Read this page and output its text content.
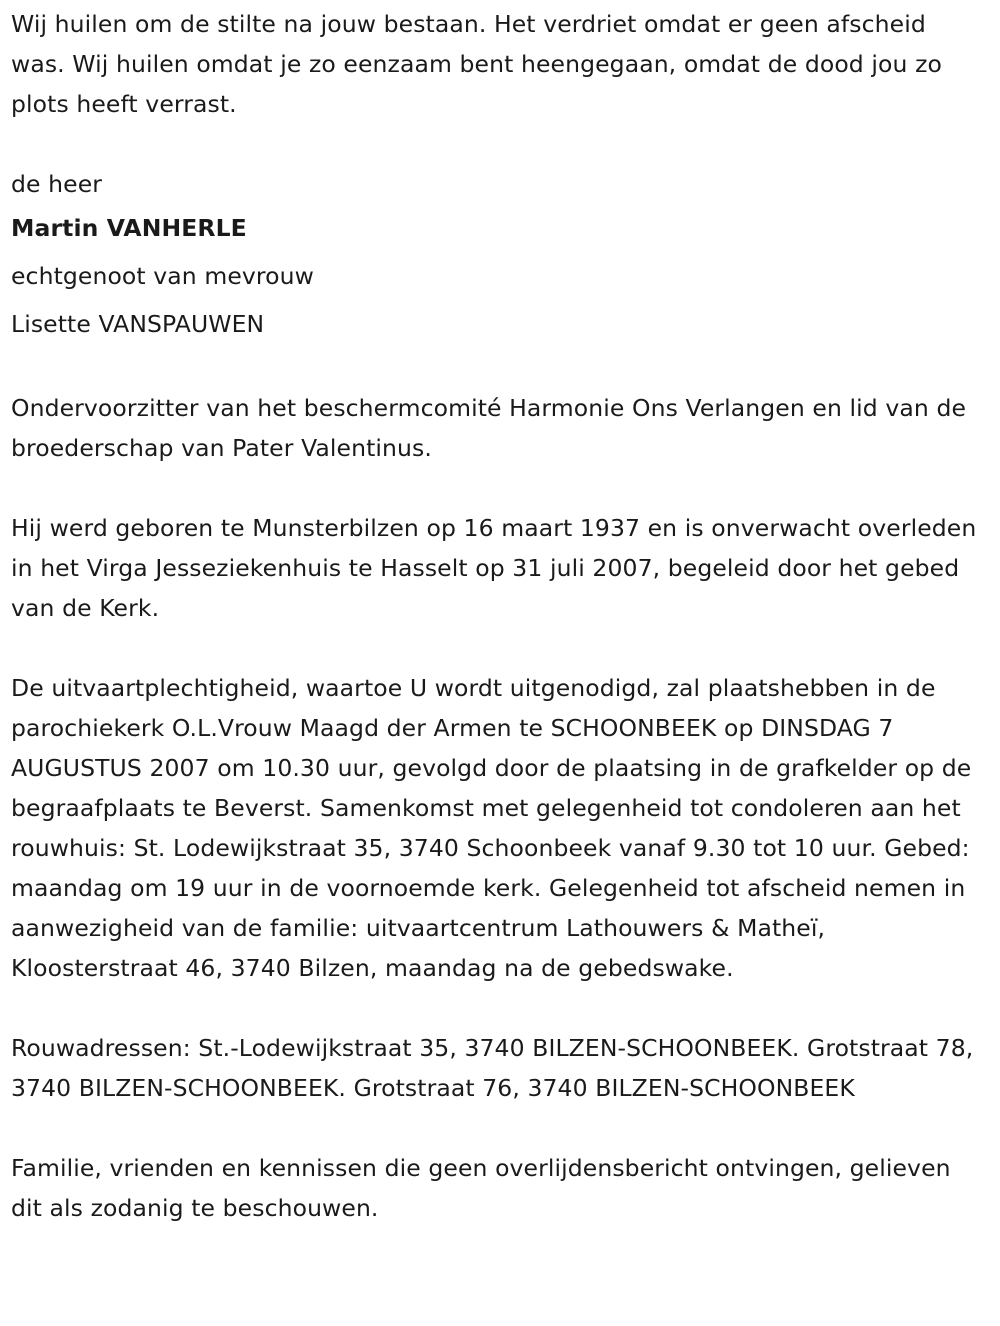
Wij huilen om de stilte na jouw bestaan. Het verdriet omdat er geen afscheid was. Wij huilen omdat je zo eenzaam bent heengegaan, omdat de dood jou zo plots heeft verrast.

de heer

Martin VANHERLE

echtgenoot van mevrouw

Lisette VANSPAUWEN

Ondervoorzitter van het beschermcomité Harmonie Ons Verlangen en lid van de broederschap van Pater Valentinus.

Hij werd geboren te Munsterbilzen op 16 maart 1937 en is onverwacht overleden in het Virga Jesseziekenhuis te Hasselt op 31 juli 2007, begeleid door het gebed van de Kerk.

De uitvaartplechtigheid, waartoe U wordt uitgenodigd, zal plaatshebben in de parochiekerk O.L.Vrouw Maagd der Armen te SCHOONBEEK op DINSDAG 7 AUGUSTUS 2007 om 10.30 uur, gevolgd door de plaatsing in de grafkelder op de begraafplaats te Beverst. Samenkomst met gelegenheid tot condoleren aan het rouwhuis: St. Lodewijkstraat 35, 3740 Schoonbeek vanaf 9.30 tot 10 uur. Gebed: maandag om 19 uur in de voornoemde kerk. Gelegenheid tot afscheid nemen in aanwezigheid van de familie: uitvaartcentrum Lathouwers & Matheï, Kloosterstraat 46, 3740 Bilzen, maandag na de gebedswake.

Rouwadressen: St.-Lodewijkstraat 35, 3740 BILZEN-SCHOONBEEK. Grotstraat 78, 3740 BILZEN-SCHOONBEEK. Grotstraat 76, 3740 BILZEN-SCHOONBEEK

Familie, vrienden en kennissen die geen overlijdensbericht ontvingen, gelieven dit als zodanig te beschouwen.
